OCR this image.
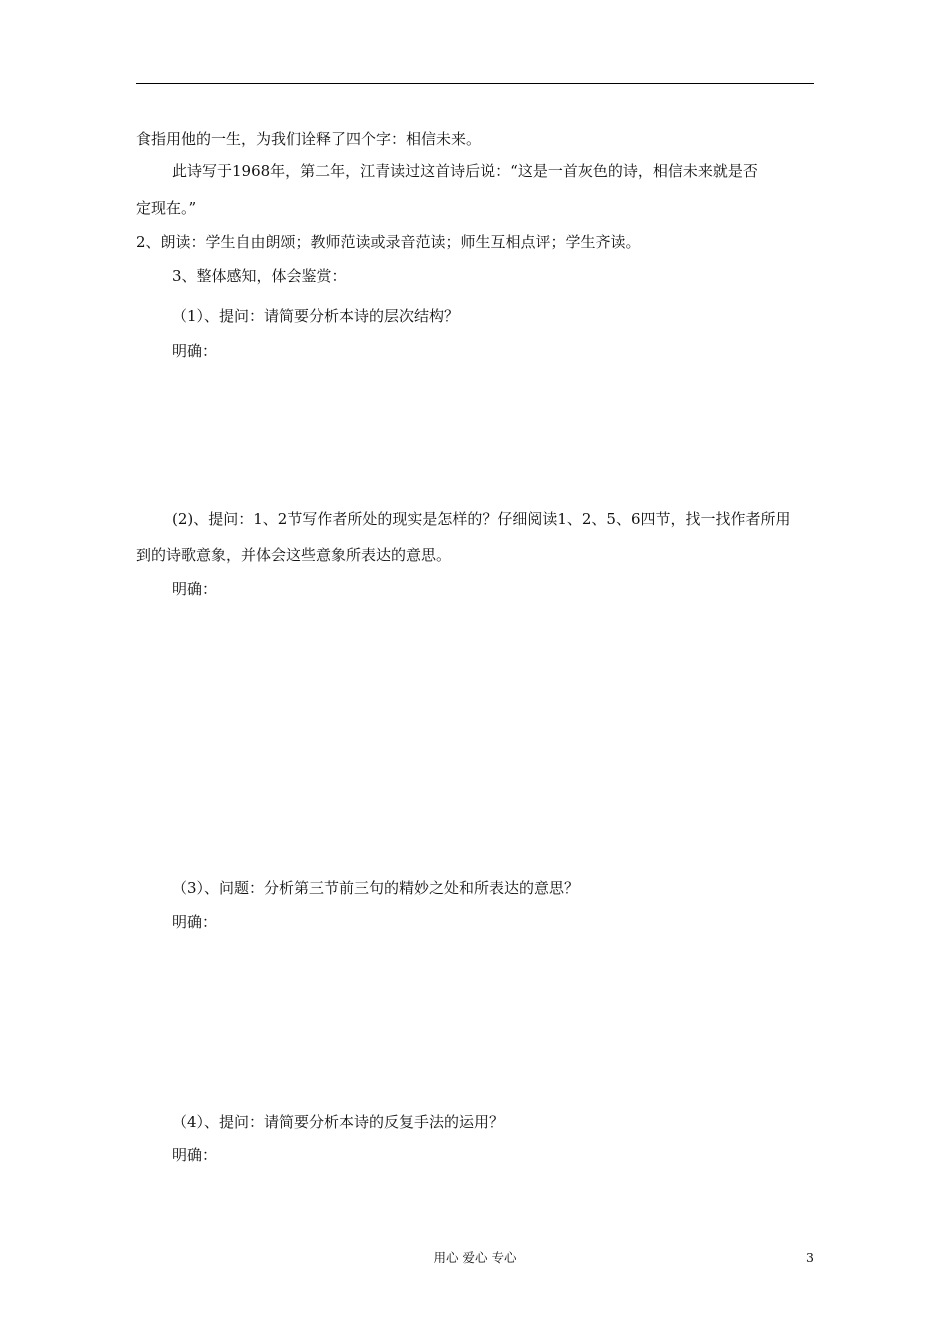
食指用他的一生，为我们诠释了四个字：相信未来。
此诗写于1968年，第二年，江青读过这首诗后说：“这是一首灰色的诗，相信未来就是否
定现在。”
2、朗读：学生自由朗颂；教师范读或录音范读；师生互相点评；学生齐读。
3、整体感知，体会鉴赏：
（1）、提问：请简要分析本诗的层次结构？
明确：
(2)、提问：1、2节写作者所处的现实是怎样的？仔细阅读1、2、5、6四节，找一找作者所用
到的诗歌意象，并体会这些意象所表达的意思。
明确：
（3）、问题：分析第三节前三句的精妙之处和所表达的意思？
明确：
（4）、提问：请简要分析本诗的反复手法的运用？
明确：
用心 爱心 专心	3
